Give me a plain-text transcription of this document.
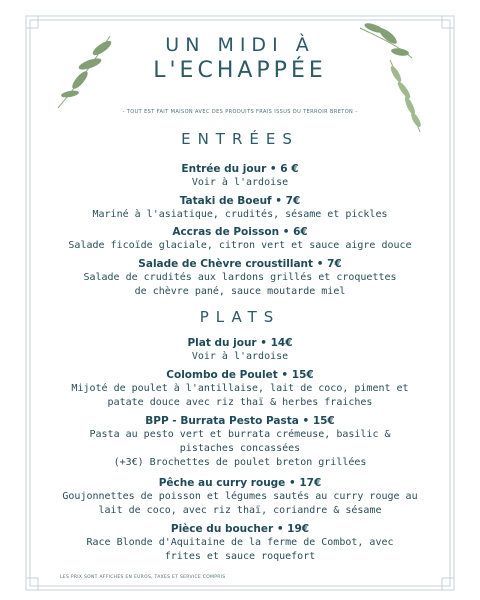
UN MIDI À
L'ECHAPPÉE
- TOUT EST FAIT MAISON AVEC DES PRODUITS FRAIS ISSUS DU TERROIR BRETON -
ENTRÉES
Entrée du jour • 6 €
Voir à l'ardoise
Tataki de Boeuf • 7€
Mariné à l'asiatique, crudités, sésame et pickles
Accras de Poisson • 6€
Salade ficoïde glaciale, citron vert et sauce aigre douce
Salade de Chèvre croustillant • 7€
Salade de crudités aux lardons grillés et croquettes de chèvre pané, sauce moutarde miel
PLATS
Plat du jour • 14€
Voir à l'ardoise
Colombo de Poulet • 15€
Mijoté de poulet à l'antillaise, lait de coco, piment et patate douce avec riz thaï & herbes fraiches
BPP - Burrata Pesto Pasta • 15€
Pasta au pesto vert et burrata crémeuse, basilic & pistaches concassées
(+3€) Brochettes de poulet breton grillées
Pêche au curry rouge • 17€
Goujonnettes de poisson et légumes sautés au curry rouge au lait de coco, avec riz thaï, coriandre & sésame
Pièce du boucher • 19€
Race Blonde d'Aquitaine de la ferme de Combot, avec frites et sauce roquefort
LES PRIX SONT AFFICHÉS EN EUROS, TAXES ET SERVICE COMPRIS
